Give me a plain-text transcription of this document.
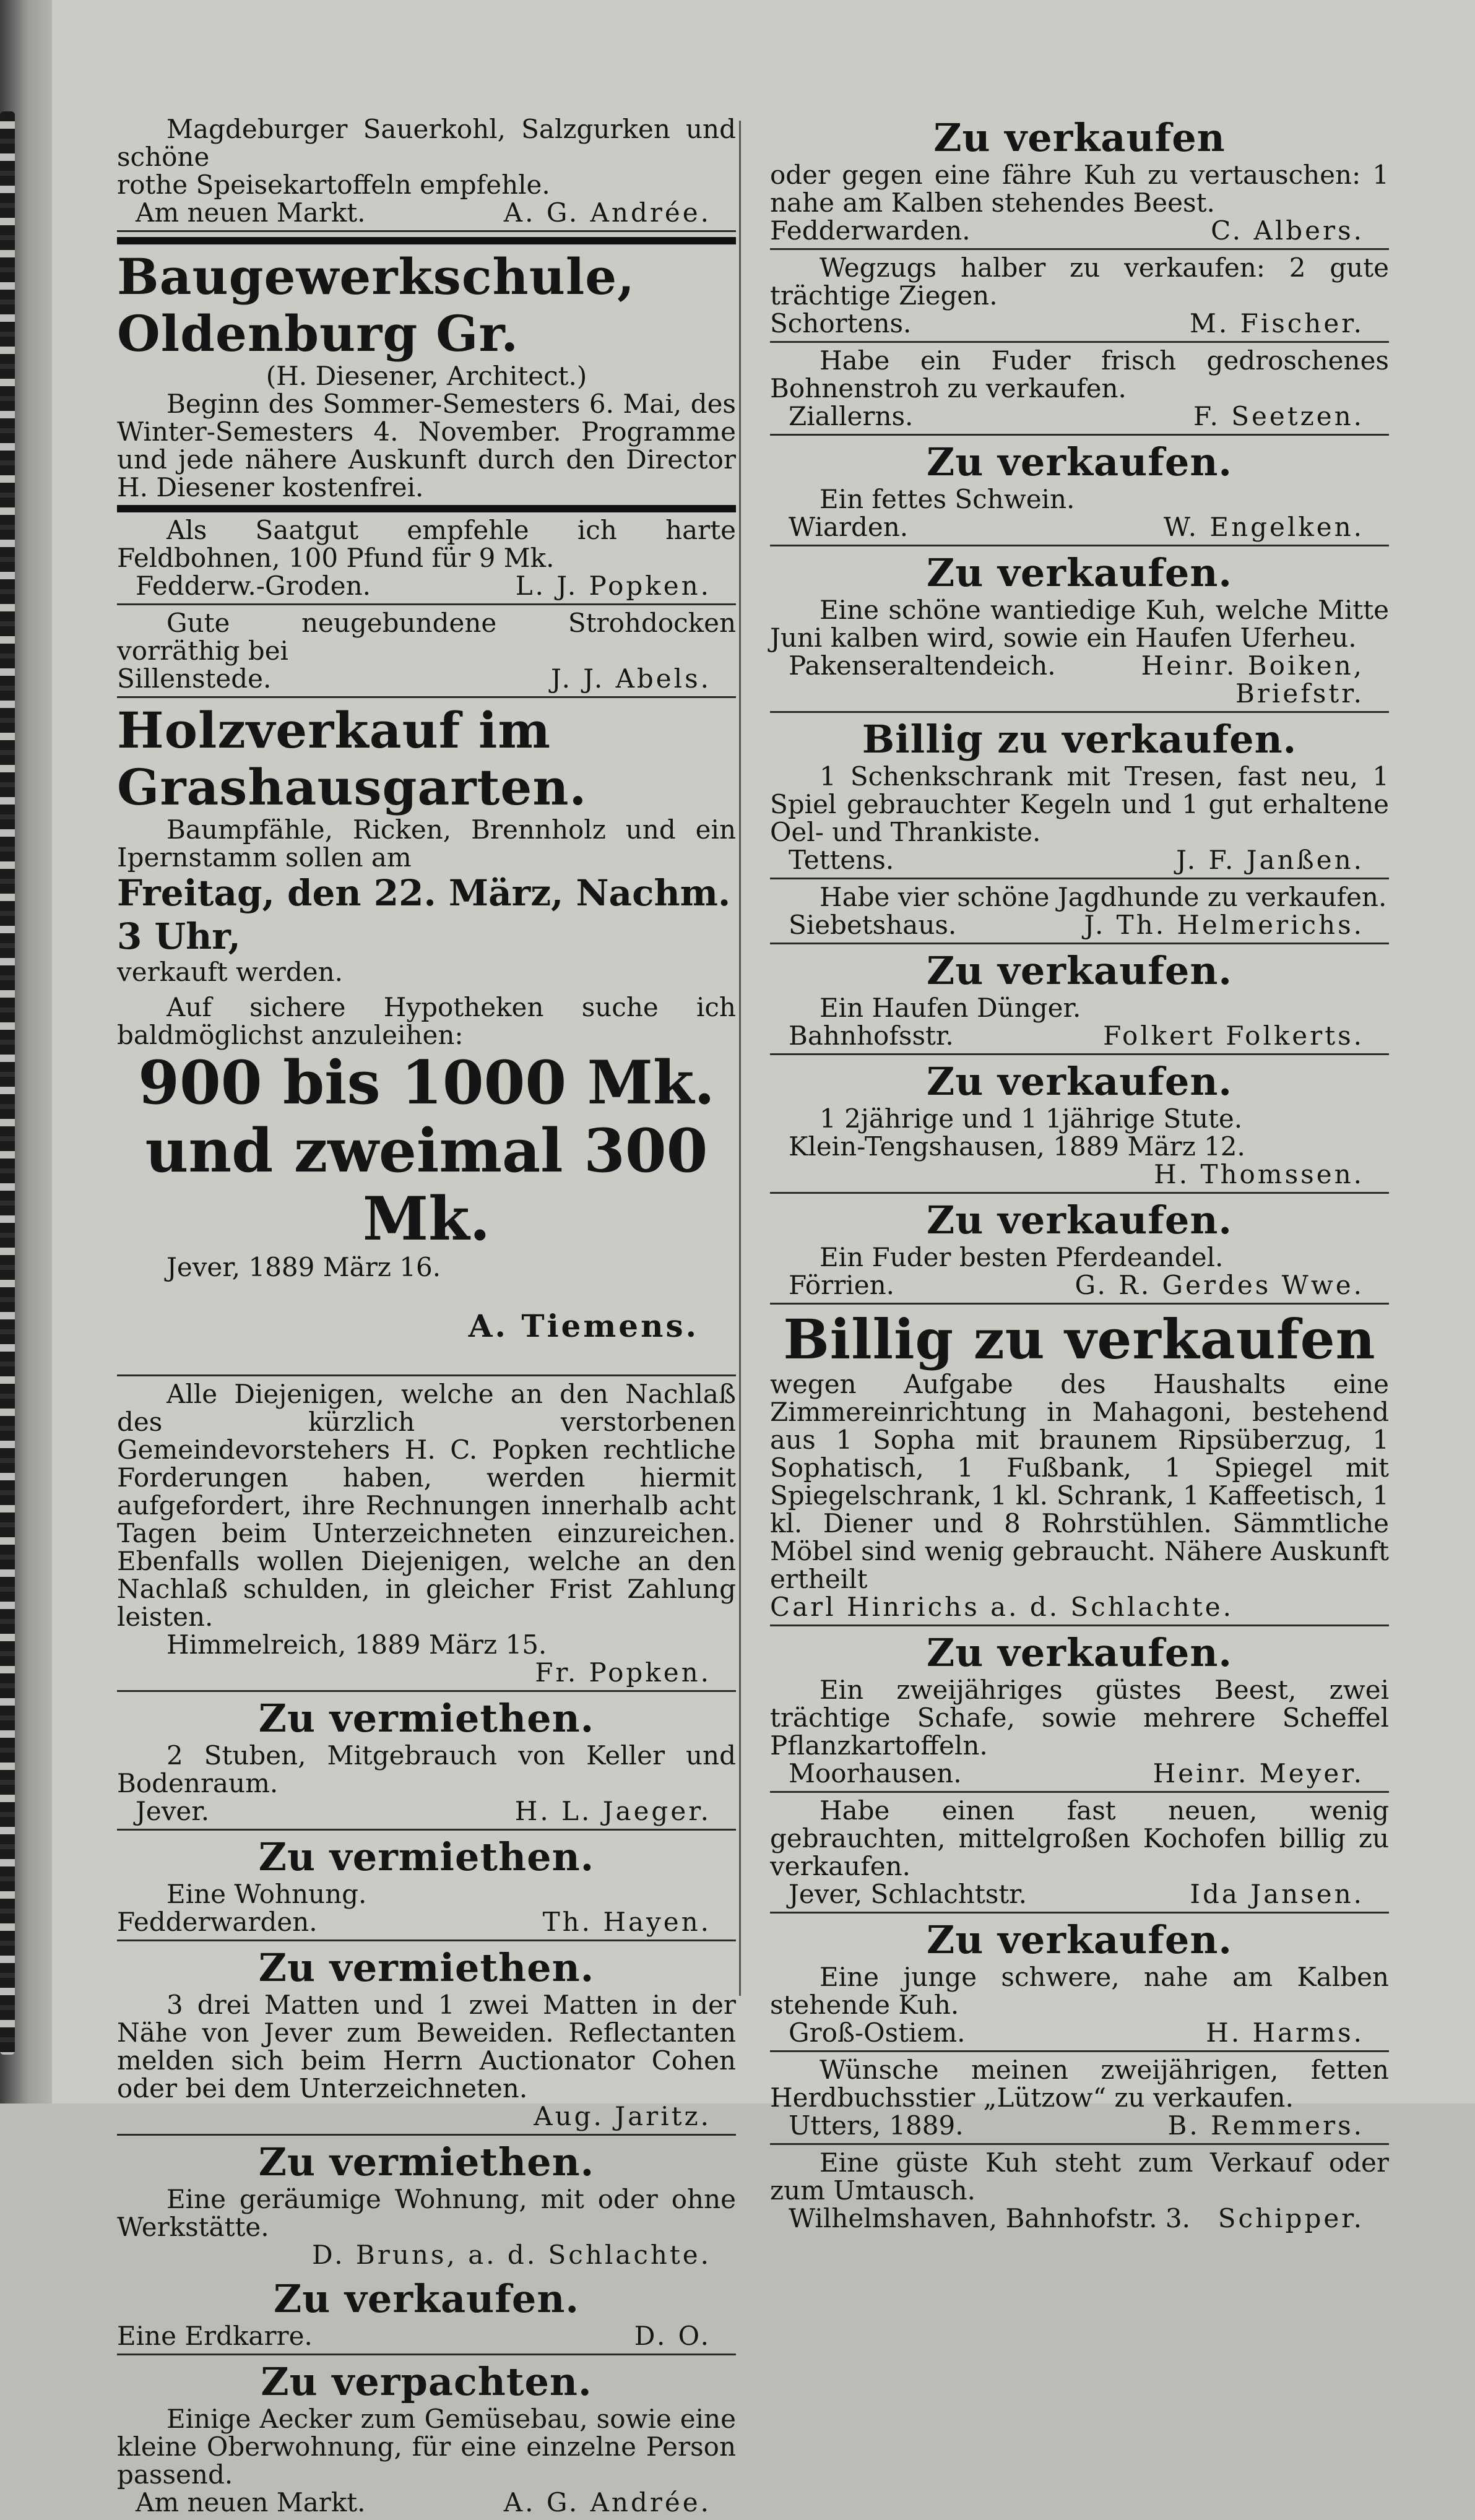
Magdeburger Sauerkohl, Salzgurken und schöne

rothe Speisekartoffeln empfehle.

Am neuen Markt.	A. G. Andrée.

Baugewerkschule, Oldenburg Gr.

(H. Diesener, Architect.)

Beginn des Sommer-Semesters 6. Mai, des Winter-Semesters 4. November. Programme und jede nähere Auskunft durch den Director H. Diesener kostenfrei.

Als Saatgut empfehle ich harte Feldbohnen, 100 Pfund für 9 Mk.

Fedderw.-Groden.	L. J. Popken.

Gute neugebundene Strohdocken vorräthig bei

Sillenstede.	J. J. Abels.

Holzverkauf im Grashausgarten.

Baumpfähle, Ricken, Brennholz und ein Ipernstamm sollen am

Freitag, den 22. März, Nachm. 3 Uhr,

verkauft werden.

Auf sichere Hypotheken suche ich baldmöglichst anzuleihen:

900 bis 1000 Mk.

und zweimal 300 Mk.

Jever, 1889 März 16.

A. Tiemens.

Alle Diejenigen, welche an den Nachlaß des kürzlich verstorbenen Gemeindevorstehers H. C. Popken rechtliche Forderungen haben, werden hiermit aufgefordert, ihre Rechnungen innerhalb acht Tagen beim Unterzeichneten einzureichen. Ebenfalls wollen Diejenigen, welche an den Nachlaß schulden, in gleicher Frist Zahlung leisten.

Himmelreich, 1889 März 15.

Fr. Popken.

Zu vermiethen.

2 Stuben, Mitgebrauch von Keller und Bodenraum.

Jever.	H. L. Jaeger.

Zu vermiethen.

Eine Wohnung.

Fedderwarden.	Th. Hayen.

Zu vermiethen.

3 drei Matten und 1 zwei Matten in der Nähe von Jever zum Beweiden. Reflectanten melden sich beim Herrn Auctionator Cohen oder bei dem Unterzeichneten.

Aug. Jaritz.

Zu vermiethen.

Eine geräumige Wohnung, mit oder ohne Werkstätte.

D. Bruns, a. d. Schlachte.

Zu verkaufen.

Eine Erdkarre.	D. O.

Zu verpachten.

Einige Aecker zum Gemüsebau, sowie eine kleine Oberwohnung, für eine einzelne Person passend.

Am neuen Markt.	A. G. Andrée.

Zu verkaufen

oder gegen eine fähre Kuh zu vertauschen: 1 nahe am Kalben stehendes Beest.

Fedderwarden.	C. Albers.

Wegzugs halber zu verkaufen: 2 gute trächtige Ziegen.

Schortens.	M. Fischer.

Habe ein Fuder frisch gedroschenes Bohnenstroh zu verkaufen.

Ziallerns.	F. Seetzen.

Zu verkaufen.

Ein fettes Schwein.

Wiarden.	W. Engelken.

Zu verkaufen.

Eine schöne wantiedige Kuh, welche Mitte Juni kalben wird, sowie ein Haufen Uferheu.

Pakenseraltendeich.	Heinr. Boiken,
Briefstr.

Billig zu verkaufen.

1 Schenkschrank mit Tresen, fast neu, 1 Spiel gebrauchter Kegeln und 1 gut erhaltene Oel- und Thrankiste.

Tettens.	J. F. Janßen.

Habe vier schöne Jagdhunde zu verkaufen.

Siebetshaus.	J. Th. Helmerichs.

Zu verkaufen.

Ein Haufen Dünger.

Bahnhofsstr.	Folkert Folkerts.

Zu verkaufen.

1 2jährige und 1 1jährige Stute.

Klein-Tengshausen, 1889 März 12.

H. Thomssen.

Zu verkaufen.

Ein Fuder besten Pferdeandel.

Förrien.	G. R. Gerdes Wwe.

Billig zu verkaufen

wegen Aufgabe des Haushalts eine Zimmereinrichtung in Mahagoni, bestehend aus 1 Sopha mit braunem Ripsüberzug, 1 Sophatisch, 1 Fußbank, 1 Spiegel mit Spiegelschrank, 1 kl. Schrank, 1 Kaffeetisch, 1 kl. Diener und 8 Rohrstühlen. Sämmtliche Möbel sind wenig gebraucht. Nähere Auskunft ertheilt

Carl Hinrichs a. d. Schlachte.

Zu verkaufen.

Ein zweijähriges güstes Beest, zwei trächtige Schafe, sowie mehrere Scheffel Pflanzkartoffeln.

Moorhausen.	Heinr. Meyer.

Habe einen fast neuen, wenig gebrauchten, mittelgroßen Kochofen billig zu verkaufen.

Jever, Schlachtstr.	Ida Jansen.

Zu verkaufen.

Eine junge schwere, nahe am Kalben stehende Kuh.

Groß-Ostiem.	H. Harms.

Wünsche meinen zweijährigen, fetten Herdbuchsstier „Lützow“ zu verkaufen.

Utters, 1889.	B. Remmers.

Eine güste Kuh steht zum Verkauf oder zum Umtausch.

Wilhelmshaven, Bahnhofstr. 3. Schipper.
